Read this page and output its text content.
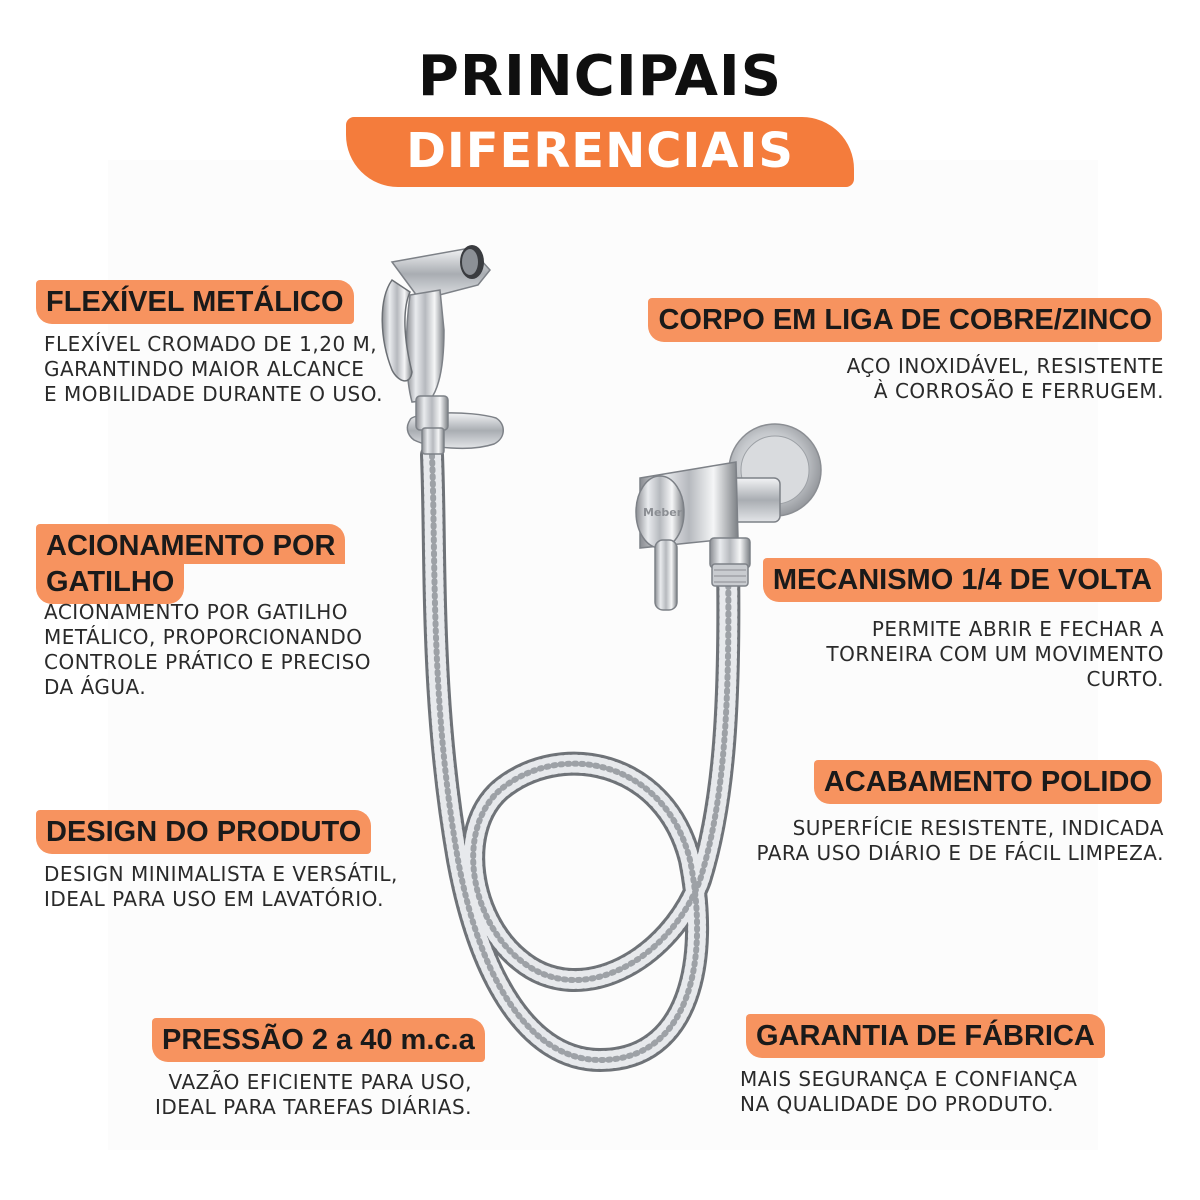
PRINCIPAIS
DIFERENCIAIS
Meber
FLEXÍVEL METÁLICO
FLEXÍVEL CROMADO DE 1,20 M,
GARANTINDO MAIOR ALCANCE
E MOBILIDADE DURANTE O USO.
ACIONAMENTO POR
GATILHO
ACIONAMENTO POR GATILHO
METÁLICO, PROPORCIONANDO
CONTROLE PRÁTICO E PRECISO
DA ÁGUA.
DESIGN DO PRODUTO
DESIGN MINIMALISTA E VERSÁTIL,
IDEAL PARA USO EM LAVATÓRIO.
PRESSÃO 2 a 40 m.c.a
VAZÃO EFICIENTE PARA USO,
IDEAL PARA TAREFAS DIÁRIAS.
CORPO EM LIGA DE COBRE/ZINCO
AÇO INOXIDÁVEL, RESISTENTE
À CORROSÃO E FERRUGEM.
MECANISMO 1/4 DE VOLTA
PERMITE ABRIR E FECHAR A
TORNEIRA COM UM MOVIMENTO
CURTO.
ACABAMENTO POLIDO
SUPERFÍCIE RESISTENTE, INDICADA
PARA USO DIÁRIO E DE FÁCIL LIMPEZA.
GARANTIA DE FÁBRICA
MAIS SEGURANÇA E CONFIANÇA
NA QUALIDADE DO PRODUTO.
